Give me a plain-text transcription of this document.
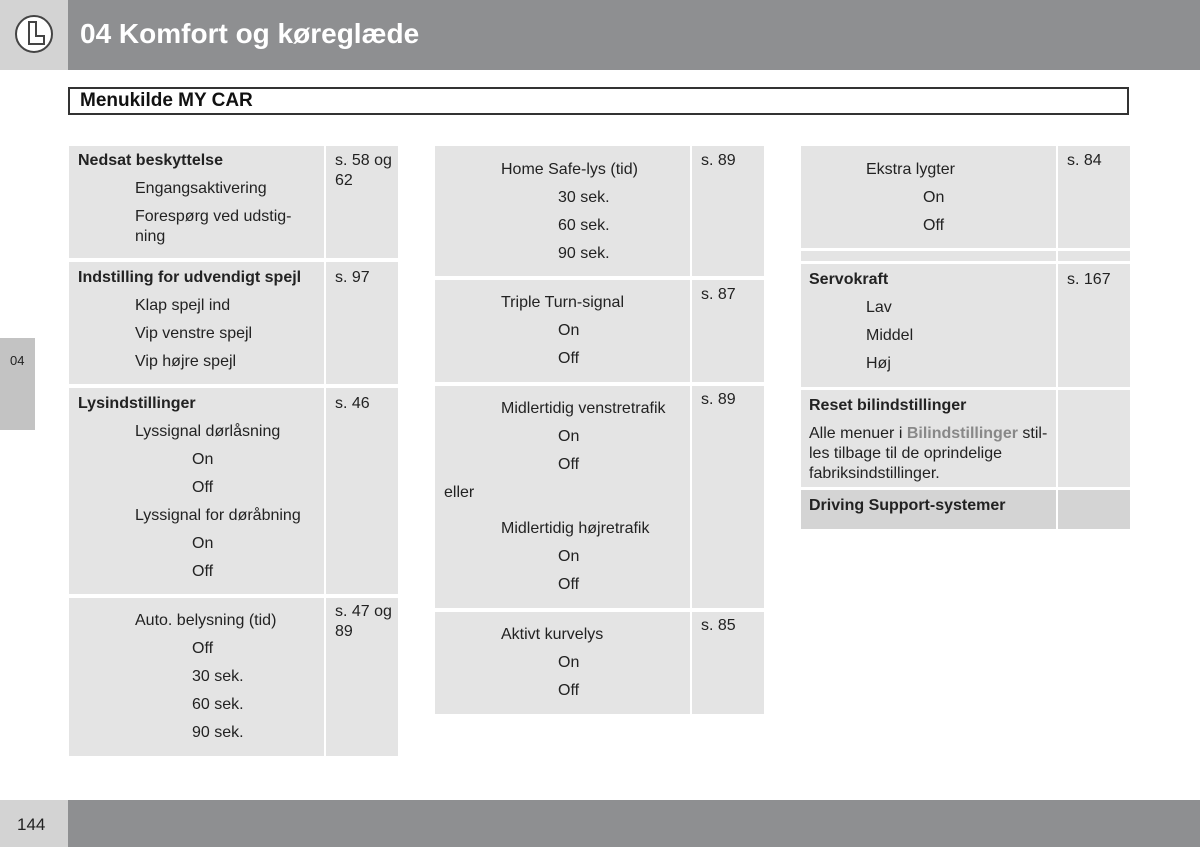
04 Komfort og køreglæde
Menukilde MY CAR
04
Nedsat beskyttelse
Engangsaktivering
Forespørg ved udstig-ning
s. 58 og 62
Indstilling for udvendigt spejl
Klap spejl ind
Vip venstre spejl
Vip højre spejl
s. 97
Lysindstillinger
Lyssignal dørlåsning
On
Off
Lyssignal for døråbning
On
Off
s. 46
Auto. belysning (tid)
Off
30 sek.
60 sek.
90 sek.
s. 47 og 89
Home Safe-lys (tid)
30 sek.
60 sek.
90 sek.
s. 89
Triple Turn-signal
On
Off
s. 87
Midlertidig venstretrafik
On
Off
eller
Midlertidig højretrafik
On
Off
s. 89
Aktivt kurvelys
On
Off
s. 85
Ekstra lygter
On
Off
s. 84
Servokraft
Lav
Middel
Høj
s. 167
Reset bilindstillinger
Alle menuer i Bilindstillinger stil-les tilbage til de oprindelige fabriksindstillinger.
Driving Support-systemer
144
